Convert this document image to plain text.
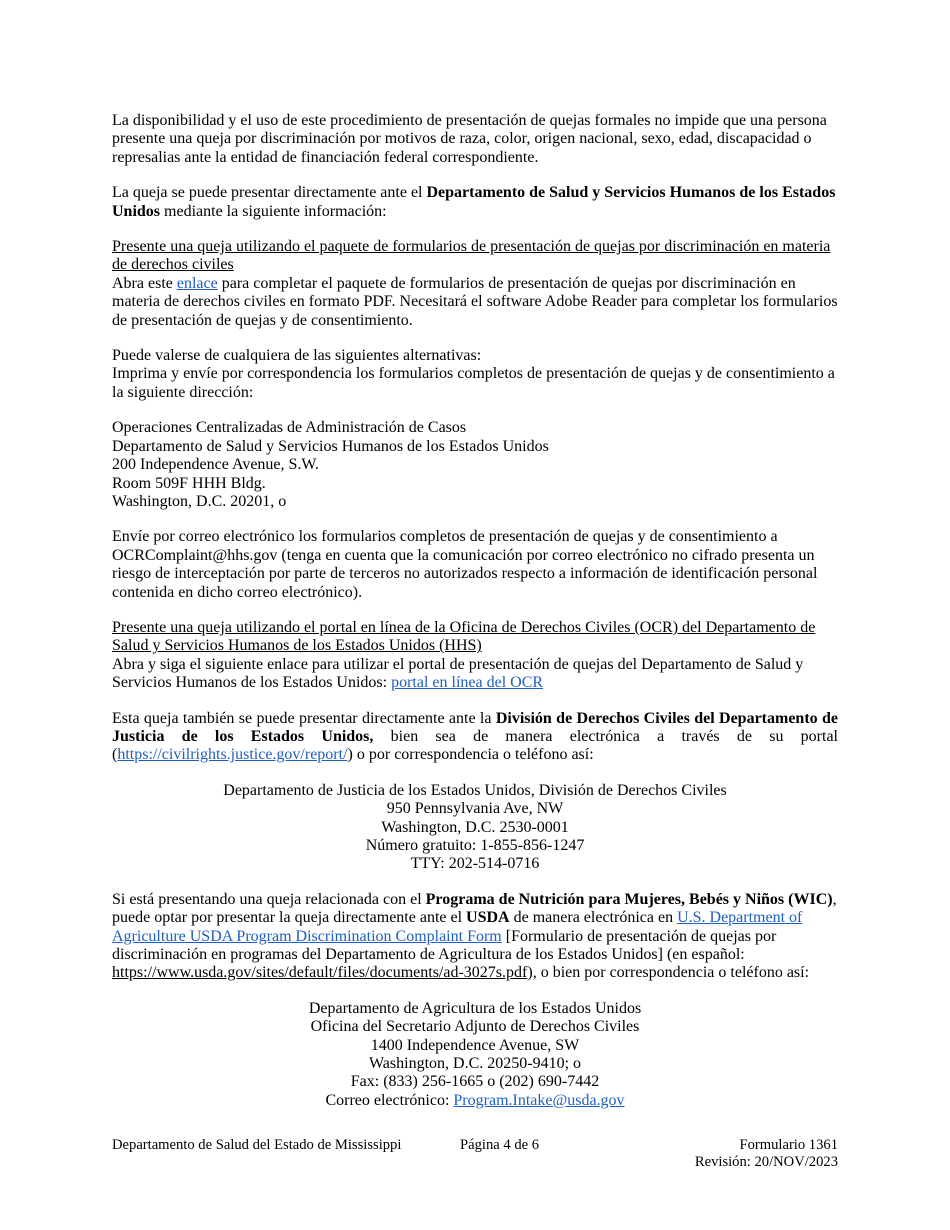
La disponibilidad y el uso de este procedimiento de presentación de quejas formales no impide que una persona presente una queja por discriminación por motivos de raza, color, origen nacional, sexo, edad, discapacidad o represalias ante la entidad de financiación federal correspondiente.

La queja se puede presentar directamente ante el Departamento de Salud y Servicios Humanos de los Estados Unidos mediante la siguiente información:

Presente una queja utilizando el paquete de formularios de presentación de quejas por discriminación en materia de derechos civiles
Abra este enlace para completar el paquete de formularios de presentación de quejas por discriminación en materia de derechos civiles en formato PDF. Necesitará el software Adobe Reader para completar los formularios de presentación de quejas y de consentimiento.

Puede valerse de cualquiera de las siguientes alternativas:
Imprima y envíe por correspondencia los formularios completos de presentación de quejas y de consentimiento a la siguiente dirección:

Operaciones Centralizadas de Administración de Casos
Departamento de Salud y Servicios Humanos de los Estados Unidos
200 Independence Avenue, S.W.
Room 509F HHH Bldg.
Washington, D.C. 20201, o

Envíe por correo electrónico los formularios completos de presentación de quejas y de consentimiento a OCRComplaint@hhs.gov (tenga en cuenta que la comunicación por correo electrónico no cifrado presenta un riesgo de interceptación por parte de terceros no autorizados respecto a información de identificación personal contenida en dicho correo electrónico).

Presente una queja utilizando el portal en línea de la Oficina de Derechos Civiles (OCR) del Departamento de Salud y Servicios Humanos de los Estados Unidos (HHS)
Abra y siga el siguiente enlace para utilizar el portal de presentación de quejas del Departamento de Salud y Servicios Humanos de los Estados Unidos: portal en línea del OCR

Esta queja también se puede presentar directamente ante la División de Derechos Civiles del Departamento de Justicia de los Estados Unidos, bien sea de manera electrónica a través de su portal (https://civilrights.justice.gov/report/) o por correspondencia o teléfono así:

Departamento de Justicia de los Estados Unidos, División de Derechos Civiles
950 Pennsylvania Ave, NW
Washington, D.C. 2530-0001
Número gratuito: 1-855-856-1247
TTY: 202-514-0716

Si está presentando una queja relacionada con el Programa de Nutrición para Mujeres, Bebés y Niños (WIC), puede optar por presentar la queja directamente ante el USDA de manera electrónica en U.S. Department of Agriculture USDA Program Discrimination Complaint Form [Formulario de presentación de quejas por discriminación en programas del Departamento de Agricultura de los Estados Unidos] (en español: https://www.usda.gov/sites/default/files/documents/ad-3027s.pdf), o bien por correspondencia o teléfono así:

Departamento de Agricultura de los Estados Unidos
Oficina del Secretario Adjunto de Derechos Civiles
1400 Independence Avenue, SW
Washington, D.C. 20250-9410; o
Fax: (833) 256-1665 o (202) 690-7442
Correo electrónico: Program.Intake@usda.gov

Departamento de Salud del Estado de Mississippi	Página 4 de 6	Formulario 1361
Revisión: 20/NOV/2023
